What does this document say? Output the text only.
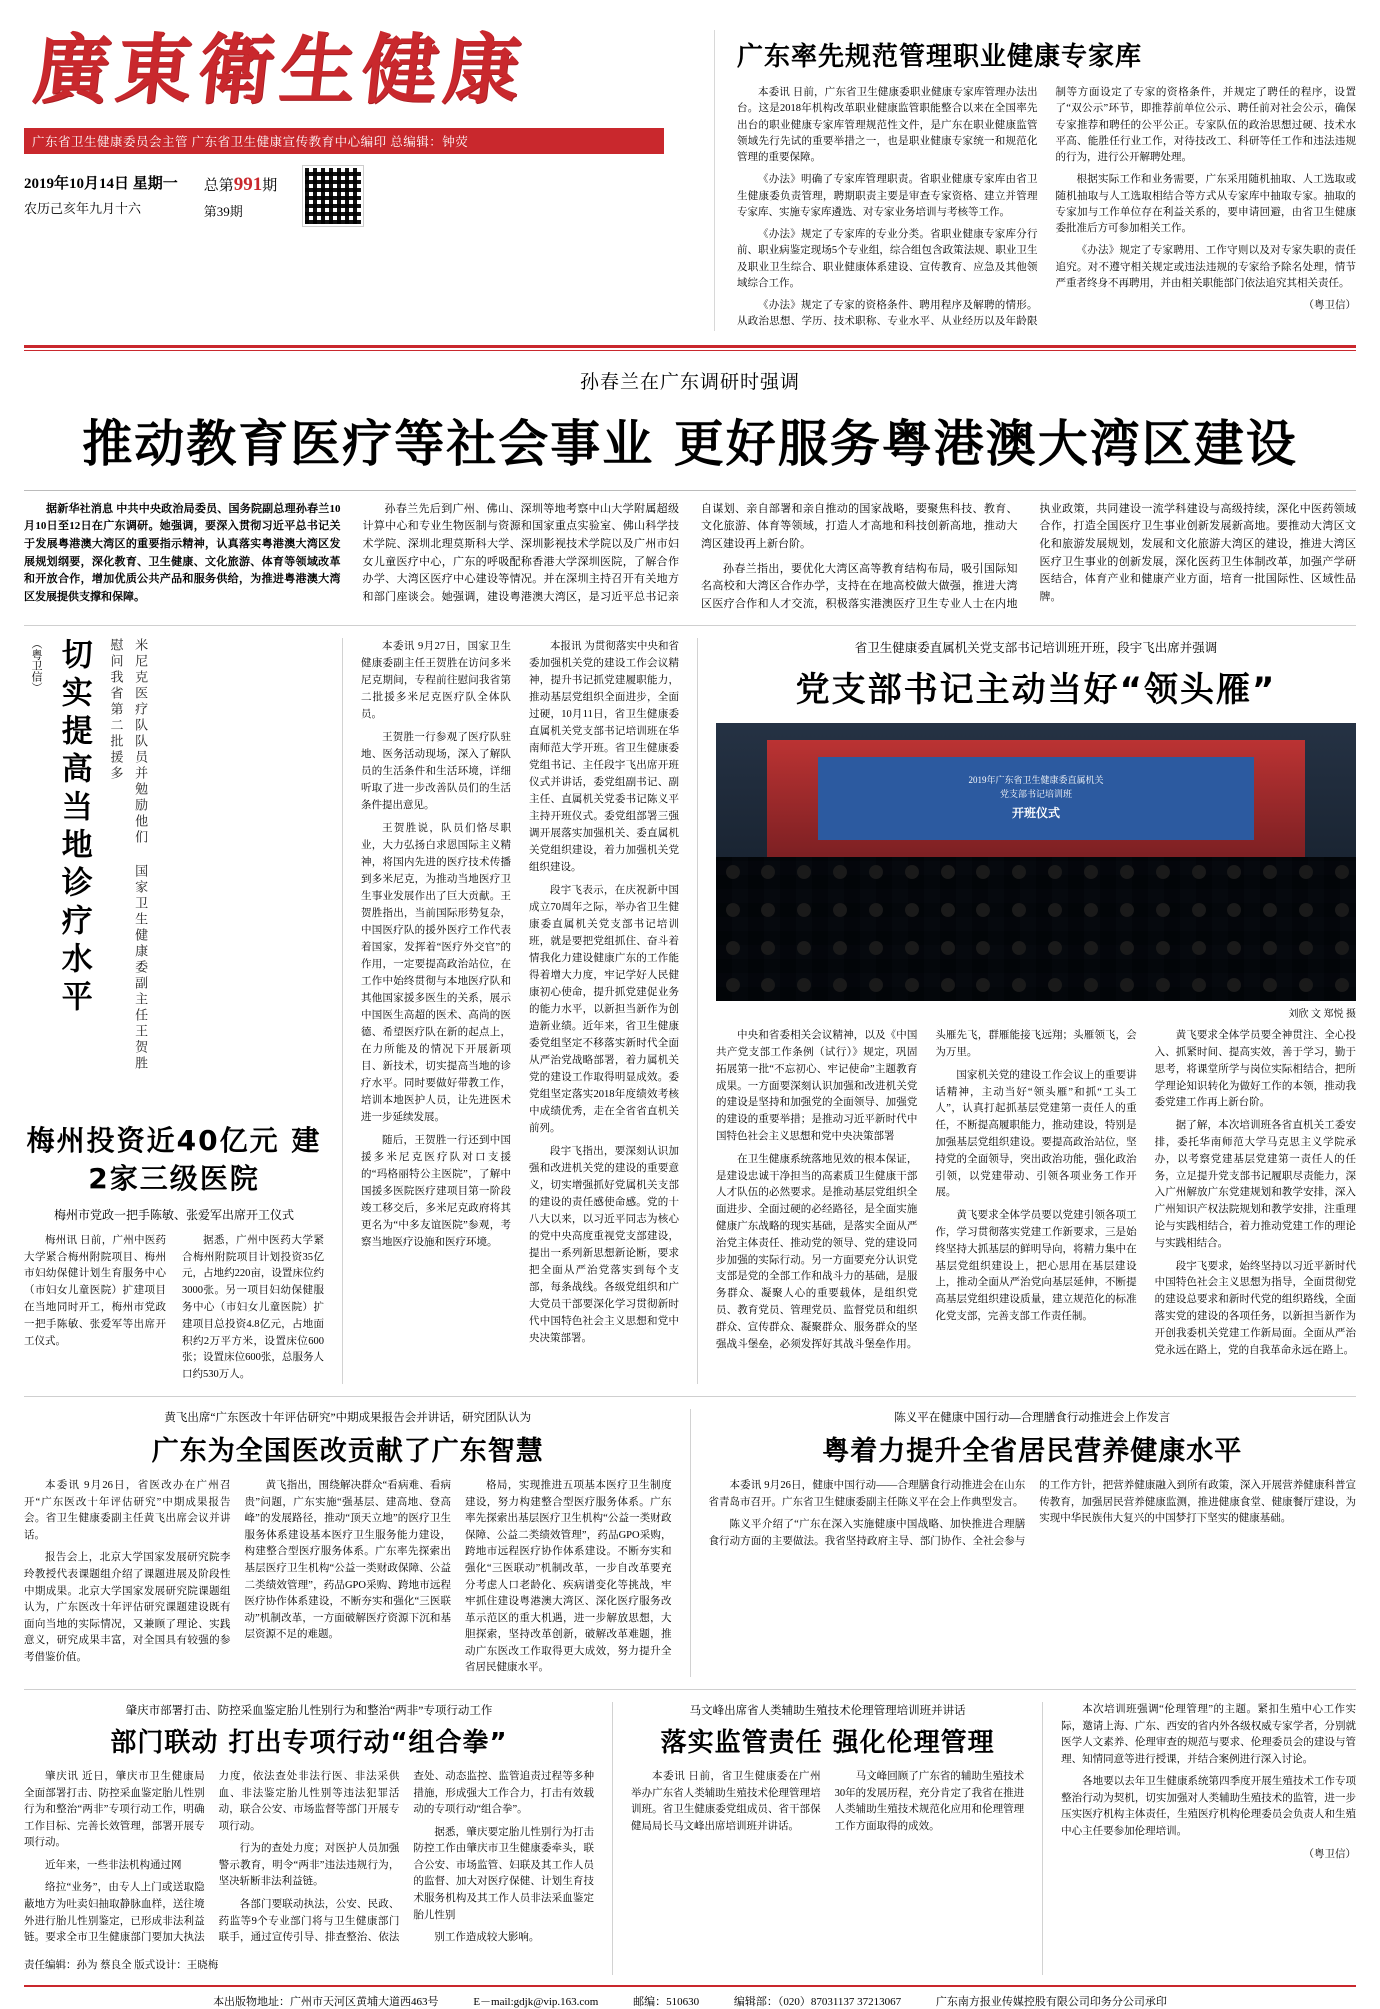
廣東衛生健康
广东省卫生健康委员会主管 广东省卫生健康宣传教育中心编印 总编辑：钟荧
2019年10月14日 星期一
农历己亥年九月十六
总第991期
第39期
广东率先规范管理职业健康专家库

本委讯 日前，广东省卫生健康委职业健康专家库管理办法出台。这是2018年机构改革职业健康监管职能整合以来在全国率先出台的职业健康专家库管理规范性文件，是广东在职业健康监管领域先行先试的重要举措之一，也是职业健康专家统一和规范化管理的重要保障。

《办法》明确了专家库管理职责。省职业健康专家库由省卫生健康委负责管理，聘期职责主要是审查专家资格、建立并管理专家库、实施专家库遴选、对专家业务培训与考核等工作。

《办法》规定了专家库的专业分类。省职业健康专家库分行前、职业病鉴定现场5个专业组，综合组包含政策法规、职业卫生及职业卫生综合、职业健康体系建设、宣传教育、应急及其他领域综合工作。

《办法》规定了专家的资格条件、聘用程序及解聘的情形。从政治思想、学历、技术职称、专业水平、从业经历以及年龄限制等方面设定了专家的资格条件，并规定了聘任的程序，设置了“双公示”环节，即推荐前单位公示、聘任前对社会公示，确保专家推荐和聘任的公平公正。专家队伍的政治思想过硬、技术水平高、能胜任行业工作，对待技改工、科研等任工作和违法违规的行为，进行公开解聘处理。

根据实际工作和业务需要，广东采用随机抽取、人工选取或随机抽取与人工选取相结合等方式从专家库中抽取专家。抽取的专家加与工作单位存在利益关系的，要申请回避，由省卫生健康委批准后方可参加相关工作。

《办法》规定了专家聘用、工作守则以及对专家失职的责任追究。对不遵守相关规定或违法违规的专家给予除名处理，情节严重者终身不再聘用，并由相关职能部门依法追究其相关责任。

（粤卫信）

孙春兰在广东调研时强调
推动教育医疗等社会事业 更好服务粤港澳大湾区建设

据新华社消息 中共中央政治局委员、国务院副总理孙春兰10月10日至12日在广东调研。她强调，要深入贯彻习近平总书记关于发展粤港澳大湾区的重要指示精神，认真落实粤港澳大湾区发展规划纲要，深化教育、卫生健康、文化旅游、体育等领域改革和开放合作，增加优质公共产品和服务供给，为推进粤港澳大湾区发展提供支撑和保障。

孙春兰先后到广州、佛山、深圳等地考察中山大学附属超级计算中心和专业生物医制与资源和国家重点实验室、佛山科学技术学院、深圳北理莫斯科大学、深圳影视技术学院以及广州市妇女儿童医疗中心，广东的呼吸配称香港大学深圳医院，了解合作办学、大湾区医疗中心建设等情况。并在深圳主持召开有关地方和部门座谈会。她强调，建设粤港澳大湾区，是习近平总书记亲自谋划、亲自部署和亲自推动的国家战略，要聚焦科技、教育、文化旅游、体育等领域，打造人才高地和科技创新高地，推动大湾区建设再上新台阶。

孙春兰指出，要优化大湾区高等教育结构布局，吸引国际知名高校和大湾区合作办学，支持在在地高校做大做强，推进大湾区医疗合作和人才交流，积极落实港澳医疗卫生专业人士在内地执业政策，共同建设一流学科建设与高级持续，深化中医药领域合作，打造全国医疗卫生事业创新发展新高地。要推动大湾区文化和旅游发展规划，发展和文化旅游大湾区的建设，推进大湾区医疗卫生事业的创新发展，深化医药卫生体制改革，加强产学研医结合，体育产业和健康产业方面，培育一批国际性、区域性品牌。

（粤卫信） 切实提高当地诊疗水平	米尼克医疗队队员并勉励他们 国家卫生健康委副主任王贺胜慰问我省第二批援多
梅州投资近40亿元 建2家三级医院
梅州市党政一把手陈敏、张爱军出席开工仪式

梅州讯 日前，广州中医药大学紧合梅州附院项目、梅州市妇幼保健计划生育服务中心（市妇女儿童医院）扩建项目在当地同时开工，梅州市党政一把手陈敏、张爱军等出席开工仪式。

据悉，广州中医药大学紧合梅州附院项目计划投资35亿元，占地约220亩，设置床位约3000张。另一项目妇幼保健服务中心（市妇女儿童医院）扩建项目总投资4.8亿元，占地面积约2万平方米，设置床位600张；设置床位600张，总服务人口约530万人。

本委讯 9月27日，国家卫生健康委副主任王贺胜在访问多米尼克期间，专程前往慰问我省第二批援多米尼克医疗队全体队员。

王贺胜一行参观了医疗队驻地、医务活动现场，深入了解队员的生活条件和生活环境，详细听取了进一步改善队员们的生活条件提出意见。

王贺胜说，队员们恪尽职业，大力弘扬白求恩国际主义精神，将国内先进的医疗技术传播到多米尼克，为推动当地医疗卫生事业发展作出了巨大贡献。王贺胜指出，当前国际形势复杂，中国医疗队的援外医疗工作代表着国家，发挥着“医疗外交官”的作用，一定要提高政治站位，在工作中始终贯彻与本地医疗队和其他国家援多医生的关系，展示中国医生高超的医术、高尚的医德、希望医疗队在新的起点上，在力所能及的情况下开展新项目、新技术，切实提高当地的诊疗水平。同时要做好带教工作，培训本地医护人员，让先进医术进一步延续发展。

随后，王贺胜一行还到中国援多米尼克医疗队对口支援的“玛格丽特公主医院”，了解中国援多医院医疗建项目第一阶段竣工移交后，多米尼克政府将其更名为“中多友谊医院”参观，考察当地医疗设施和医疗环境。

本报讯 为贯彻落实中央和省委加强机关党的建设工作会议精神，提升书记抓党建履职能力，推动基层党组织全面进步，全面过硬，10月11日，省卫生健康委直属机关党支部书记培训班在华南师范大学开班。省卫生健康委党组书记、主任段宇飞出席开班仪式并讲话，委党组副书记、副主任、直属机关党委书记陈义平主持开班仪式。委党组部署三强调开展落实加强机关、委直属机关党组织建设，着力加强机关党组织建设。

段宇飞表示，在庆祝新中国成立70周年之际，举办省卫生健康委直属机关党支部书记培训班，就是要把党组抓住、奋斗着情我化力建设健康广东的工作能得着增大力度，牢记学好人民健康初心使命，提升抓党建促业务的能力水平，以新担当新作为创造新业绩。近年来，省卫生健康委党组坚定不移落实新时代全面从严治党战略部署，着力属机关党的建设工作取得明显成效。委党组坚定落实2018年度绩效考核中成绩优秀，走在全省省直机关前列。

段宇飞指出，要深刻认识加强和改进机关党的建设的重要意义，切实增强抓好党属机关支部的建设的责任感使命感。党的十八大以来，以习近平同志为核心的党中央高度重视党支部建设，提出一系列新思想新论断，要求把全面从严治党落实到每个支部，每条战线。各级党组织和广大党员干部要深化学习贯彻新时代中国特色社会主义思想和党中央决策部署。

省卫生健康委直属机关党支部书记培训班开班，段宇飞出席并强调
党支部书记主动当好“领头雁”
2019年广东省卫生健康委直属机关
党支部书记培训班
开班仪式
刘欣 文 郑悦 摄

中央和省委相关会议精神，以及《中国共产党支部工作条例（试行）》规定，巩固拓展第一批“不忘初心、牢记使命”主题教育成果。一方面要深刻认识加强和改进机关党的建设是坚持和加强党的全面领导、加强党的建设的重要举措；是推动习近平新时代中国特色社会主义思想和党中央决策部署

在卫生健康系统落地见效的根本保证，是建设忠诚干净担当的高素质卫生健康干部人才队伍的必然要求。是推动基层党组织全面进步、全面过硬的必经路径，是全面实施健康广东战略的现实基础，是落实全面从严治党主体责任、推动党的领导、党的建设同步加强的实际行动。另一方面要充分认识党支部是党的全部工作和战斗力的基础，是服务群众、凝聚人心的重要载体，是组织党员、教育党员、管理党员、监督党员和组织群众、宣传群众、凝聚群众、服务群众的坚强战斗堡垒，必须发挥好其战斗堡垒作用。头雁先飞，群雁能接飞远翔；头雁领飞，会为万里。

国家机关党的建设工作会议上的重要讲话精神，主动当好“领头雁”和抓“工头工人”，认真打起抓基层党建第一责任人的重任，不断提高履职能力，推动建设，特别是加强基层党组织建设。要提高政治站位，坚持党的全面领导，突出政治功能，强化政治引领，以党建带动、引领各项业务工作开展。

黄飞要求全体学员要以党建引领各项工作，学习贯彻落实党建工作新要求，三是始终坚持大抓基层的鲜明导向，将精力集中在基层党组织建设上，把心思用在基层建设上，推动全面从严治党向基层延伸，不断提高基层党组织建设质量，建立规范化的标准化党支部，完善支部工作责任制。

黄飞要求全体学员要全神贯注、全心投入、抓紧时间、提高实效，善于学习，勤于思考，将课堂所学与岗位实际相结合，把所学理论知识转化为做好工作的本领，推动我委党建工作再上新台阶。

据了解，本次培训班各省直机关工委安排，委托华南师范大学马克思主义学院承办，以考察党建基层党建第一责任人的任务，立足提升党支部书记履职尽责能力，深入广州解放广东党建规划和教学安排，深入广州知识产权法院规划和教学安排，注重理论与实践相结合，着力推动党建工作的理论与实践相结合。

段宇飞要求，始终坚持以习近平新时代中国特色社会主义思想为指导，全面贯彻党的建设总要求和新时代党的组织路线，全面落实党的建设的各项任务，以新担当新作为开创我委机关党建工作新局面。全面从严治党永远在路上，党的自我革命永远在路上。

黄飞出席“广东医改十年评估研究”中期成果报告会并讲话，研究团队认为
广东为全国医改贡献了广东智慧

本委讯 9月26日，省医改办在广州召开“广东医改十年评估研究”中期成果报告会。省卫生健康委副主任黄飞出席会议并讲话。

报告会上，北京大学国家发展研究院李玲教授代表课题组介绍了课题进展及阶段性中期成果。北京大学国家发展研究院课题组认为，广东医改十年评估研究课题建设既有面向当地的实际情况，又兼顾了理论、实践意义，研究成果丰富，对全国具有较强的参考借鉴价值。

黄飞指出，围绕解决群众“看病难、看病贵”问题，广东实施“强基层、建高地、登高峰”的发展路径，推动“顶天立地”的医疗卫生服务体系建设基本医疗卫生服务能力建设，构建整合型医疗服务体系。广东率先探索出基层医疗卫生机构“公益一类财政保障、公益二类绩效管理”，药品GPO采购、跨地市远程医疗协作体系建设，不断夯实和强化“三医联动”机制改革，一方面破解医疗资源下沉和基层资源不足的难题。

格局，实现推进五项基本医疗卫生制度建设，努力构建整合型医疗服务体系。广东率先探索出基层医疗卫生机构“公益一类财政保障、公益二类绩效管理”，药品GPO采购，跨地市远程医疗协作体系建设。不断夯实和强化“三医联动”机制改革，一步自改革要充分考虑人口老龄化、疾病谱变化等挑战，牢牢抓住建设粤港澳大湾区、深化医疗服务改革示范区的重大机遇，进一步解放思想，大胆探索，坚持改革创新，破解改革难题，推动广东医改工作取得更大成效，努力提升全省居民健康水平。

陈义平在健康中国行动—合理膳食行动推进会上作发言
粤着力提升全省居民营养健康水平

本委讯 9月26日，健康中国行动——合理膳食行动推进会在山东省青岛市召开。广东省卫生健康委副主任陈义平在会上作典型发言。

陈义平介绍了“广东在深入实施健康中国战略、加快推进合理膳食行动方面的主要做法。我省坚持政府主导、部门协作、全社会参与的工作方针，把营养健康融入到所有政策，深入开展营养健康科普宣传教育，加强居民营养健康监测，推进健康食堂、健康餐厅建设，为实现中华民族伟大复兴的中国梦打下坚实的健康基础。

肇庆市部署打击、防控采血鉴定胎儿性别行为和整治“两非”专项行动工作
部门联动 打出专项行动“组合拳”

肇庆讯 近日，肇庆市卫生健康局全面部署打击、防控采血鉴定胎儿性别行为和整治“两非”专项行动工作，明确工作目标、完善长效管理，部署开展专项行动。

近年来，一些非法机构通过网

络拉“业务”，由专人上门或送取隐蔽地方为吐卖妇抽取静脉血样，送往境外进行胎儿性别鉴定，已形成非法利益链。要求全市卫生健康部门要加大执法力度，依法查处非法行医、非法采供血、非法鉴定胎儿性别等违法犯罪活动，联合公安、市场监督等部门开展专项行动。

行为的查处力度；对医护人员加强警示教育，明令“两非”违法违规行为，坚决斩断非法利益链。

各部门要联动执法，公安、民政、药监等9个专业部门将与卫生健康部门联手，通过宣传引导、排查整治、依法查处、动态监控、监管追责过程等多种措施，形成强大工作合力，打击有效载动的专项行动“组合拳”。

据悉，肇庆要定胎儿性别行为打击防控工作由肇庆市卫生健康委牵头，联合公安、市场监管、妇联及其工作人员的监督、加大对医疗保健、计划生育技术服务机构及其工作人员非法采血鉴定胎儿性别

别工作造成较大影响。

责任编辑：孙为 蔡良全 版式设计：王晓梅
马文峰出席省人类辅助生殖技术伦理管理培训班并讲话
落实监管责任 强化伦理管理

本委讯 日前，省卫生健康委在广州举办广东省人类辅助生殖技术伦理管理培训班。省卫生健康委党组成员、省干部保健局局长马文峰出席培训班并讲话。

马文峰回顾了广东省的辅助生殖技术30年的发展历程，充分肯定了我省在推进人类辅助生殖技术规范化应用和伦理管理工作方面取得的成效。

本次培训班强调“伦理管理”的主题。紧扣生殖中心工作实际，邀请上海、广东、西安的省内外各级权威专家学者，分别就医学人文素养、伦理审查的规范与要求、伦理委员会的建设与管理、知情同意等进行授课，并结合案例进行深入讨论。

各地要以去年卫生健康系统第四季度开展生殖技术工作专项整治行动为契机，切实加强对人类辅助生殖技术的监管，进一步压实医疗机构主体责任，生殖医疗机构伦理委员会负责人和生殖中心主任要参加伦理培训。

（粤卫信）

本出版物地址：广州市天河区黄埔大道西463号	E－mail:gdjk@vip.163.com	邮编：510630	编辑部：（020）87031137 37213067	广东南方报业传媒控股有限公司印务分公司承印
